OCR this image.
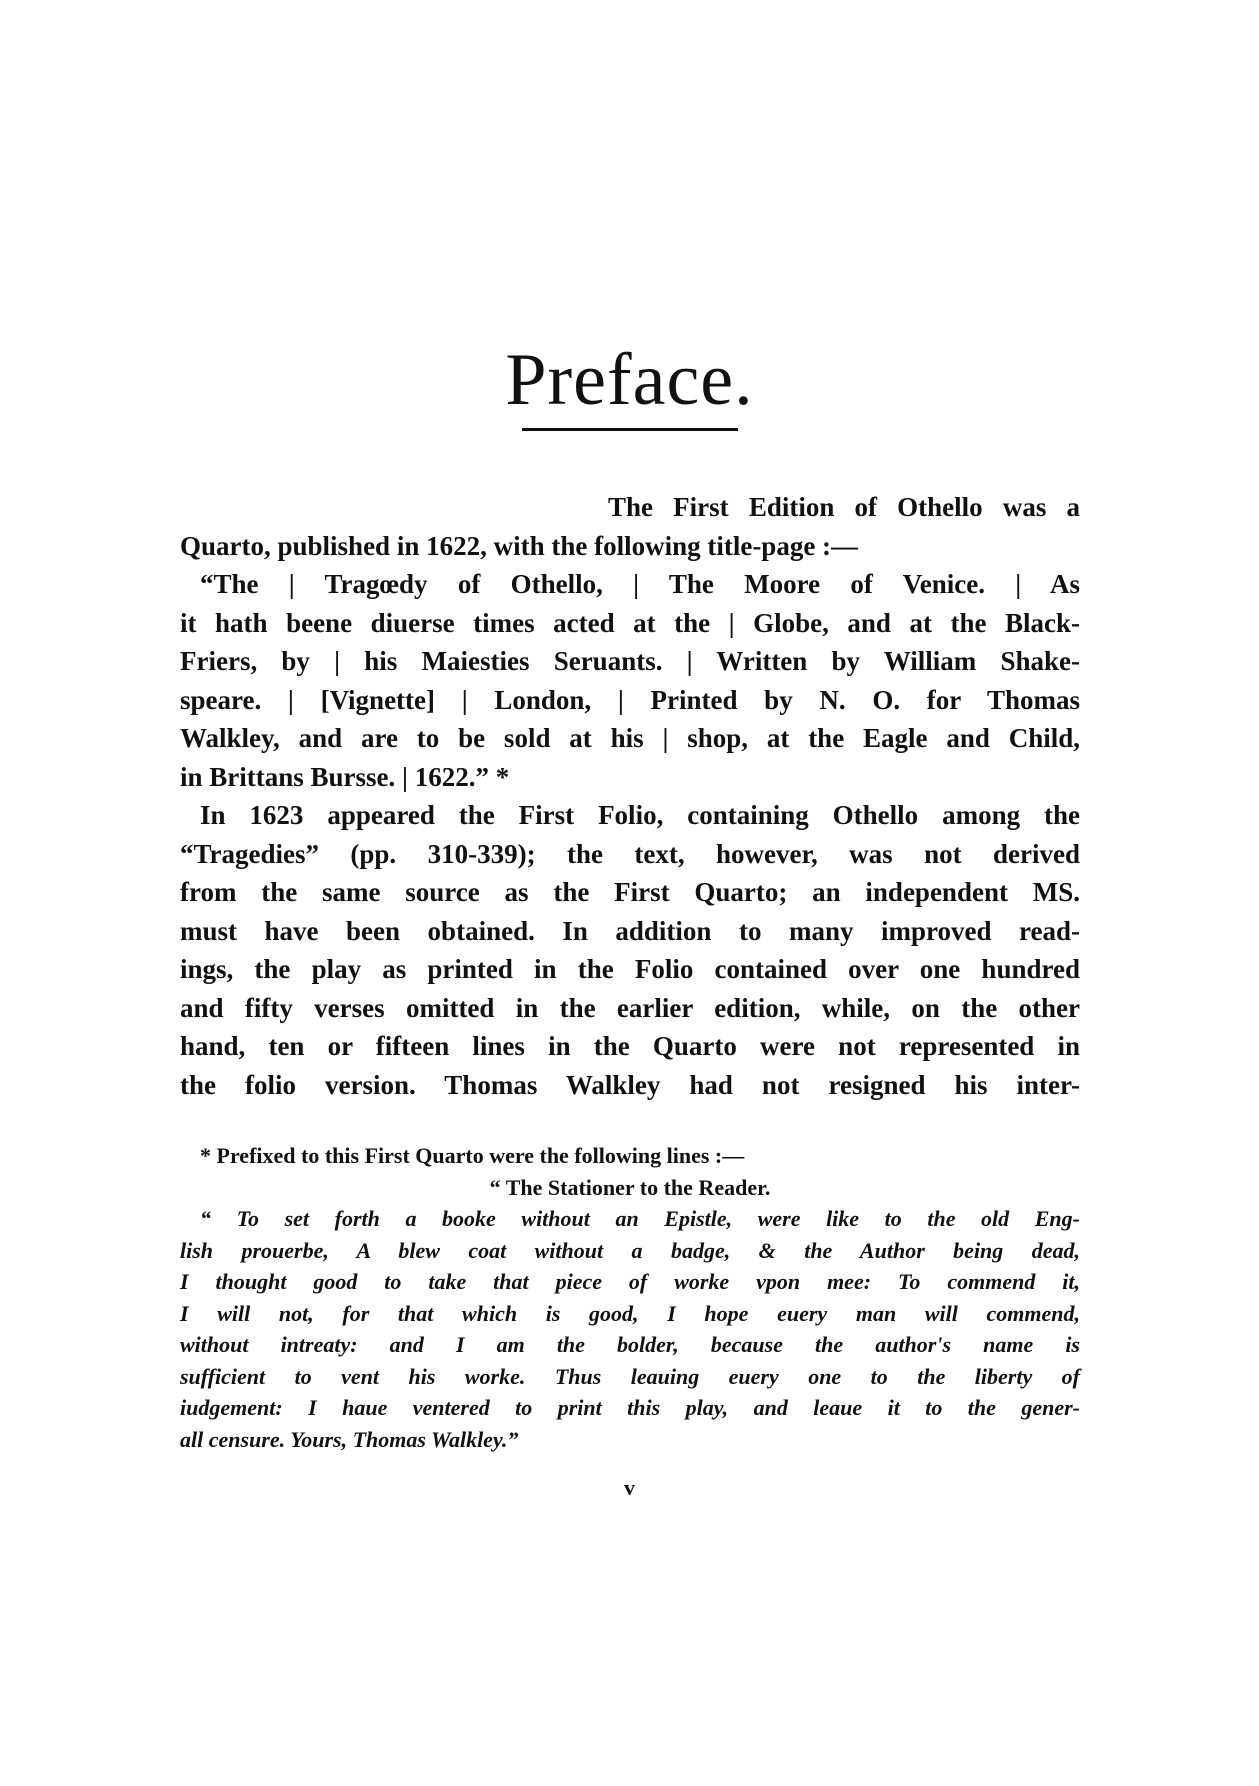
Preface.
The First Edition of Othello was a
Quarto, published in 1622, with the following title-page :—
“The | Tragœdy of Othello, | The Moore of Venice. | As
it hath beene diuerse times acted at the | Globe, and at the Black-
Friers, by | his Maiesties Seruants. | Written by William Shake-
speare. | [Vignette] | London, | Printed by N. O. for Thomas
Walkley, and are to be sold at his | shop, at the Eagle and Child,
in Brittans Bursse. | 1622.” *
In 1623 appeared the First Folio, containing Othello among the
“Tragedies” (pp. 310-339); the text, however, was not derived
from the same source as the First Quarto; an independent MS.
must have been obtained. In addition to many improved read-
ings, the play as printed in the Folio contained over one hundred
and fifty verses omitted in the earlier edition, while, on the other
hand, ten or fifteen lines in the Quarto were not represented in
the folio version. Thomas Walkley had not resigned his inter-
* Prefixed to this First Quarto were the following lines :—
“ The Stationer to the Reader.
“ To set forth a booke without an Epistle, were like to the old Eng-
lish prouerbe, A blew coat without a badge, & the Author being dead,
I thought good to take that piece of worke vpon mee: To commend it,
I will not, for that which is good, I hope euery man will commend,
without intreaty: and I am the bolder, because the author's name is
sufficient to vent his worke. Thus leauing euery one to the liberty of
iudgement: I haue ventered to print this play, and leaue it to the gener-
all censure. Yours, Thomas Walkley.”
v
